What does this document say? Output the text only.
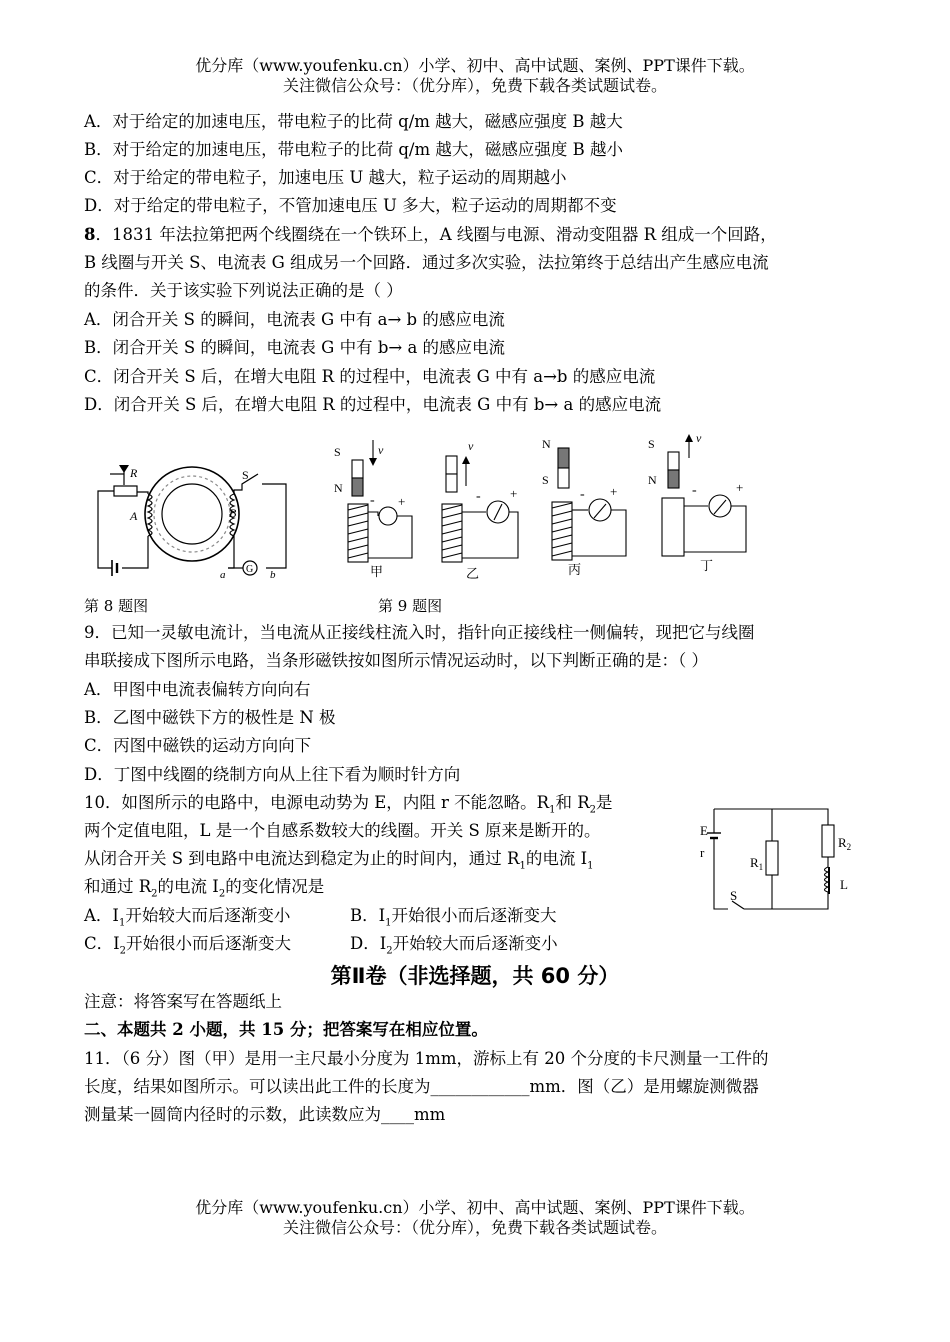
优分库（www.youfenku.cn）小学、初中、高中试题、案例、PPT课件下载。
关注微信公众号：（优分库），免费下载各类试题试卷。
A．对于给定的加速电压，带电粒子的比荷 q/m 越大，磁感应强度 B 越大
B．对于给定的加速电压，带电粒子的比荷 q/m 越大，磁感应强度 B 越小
C．对于给定的带电粒子，加速电压 U 越大，粒子运动的周期越小
D．对于给定的带电粒子，不管加速电压 U 多大，粒子运动的周期都不变
8．1831 年法拉第把两个线圈绕在一个铁环上，A 线圈与电源、滑动变阻器 R 组成一个回路，
B 线圈与开关 S、电流表 G 组成另一个回路．通过多次实验，法拉第终于总结出产生感应电流
的条件．关于该实验下列说法正确的是（ ）
A．闭合开关 S 的瞬间，电流表 G 中有 a→ b 的感应电流
B．闭合开关 S 的瞬间，电流表 G 中有 b→ a 的感应电流
C．闭合开关 S 后，在增大电阻 R 的过程中，电流表 G 中有 a→b 的感应电流
D．闭合开关 S 后，在增大电阻 R 的过程中，电流表 G 中有 b→ a 的感应电流
R	S
A	B
G
a	b
第 8 题图
S
N
v	v	N
S
S
N
v
- +	- +	- +	-	+
甲	乙	丙	丁
第 9 题图
9．已知一灵敏电流计，当电流从正接线柱流入时，指针向正接线柱一侧偏转，现把它与线圈
串联接成下图所示电路，当条形磁铁按如图所示情况运动时，以下判断正确的是：（ ）
A．甲图中电流表偏转方向向右
B．乙图中磁铁下方的极性是 N 极
C．丙图中磁铁的运动方向向下
D．丁图中线圈的绕制方向从上往下看为顺时针方向
10．如图所示的电路中，电源电动势为 E，内阻 r 不能忽略。$R_1$和 $R_2$是
两个定值电阻，L 是一个自感系数较大的线圈。开关 S 原来是断开的。
从闭合开关 S 到电路中电流达到稳定为止的时间内，通过 $R_1$的电流 $I_1$
和通过 $R_2$的电流 $I_2$的变化情况是
A．$I_1$开始较大而后逐渐变小	B．$I_1$开始很小而后逐渐变大
C．$I_2$开始很小而后逐渐变大	D．$I_2$开始较大而后逐渐变小
E
r
$R_1$
$R_2$
L
S
第Ⅱ卷（非选择题，共 60 分）
注意：将答案写在答题纸上
二、本题共 2 小题，共 15 分；把答案写在相应位置。
11．（6 分）图（甲）是用一主尺最小分度为 1mm，游标上有 20 个分度的卡尺测量一工件的
长度，结果如图所示。可以读出此工件的长度为____________mm．图（乙）是用螺旋测微器
测量某一圆筒内径时的示数，此读数应为____mm
优分库（www.youfenku.cn）小学、初中、高中试题、案例、PPT课件下载。
关注微信公众号：（优分库），免费下载各类试题试卷。
